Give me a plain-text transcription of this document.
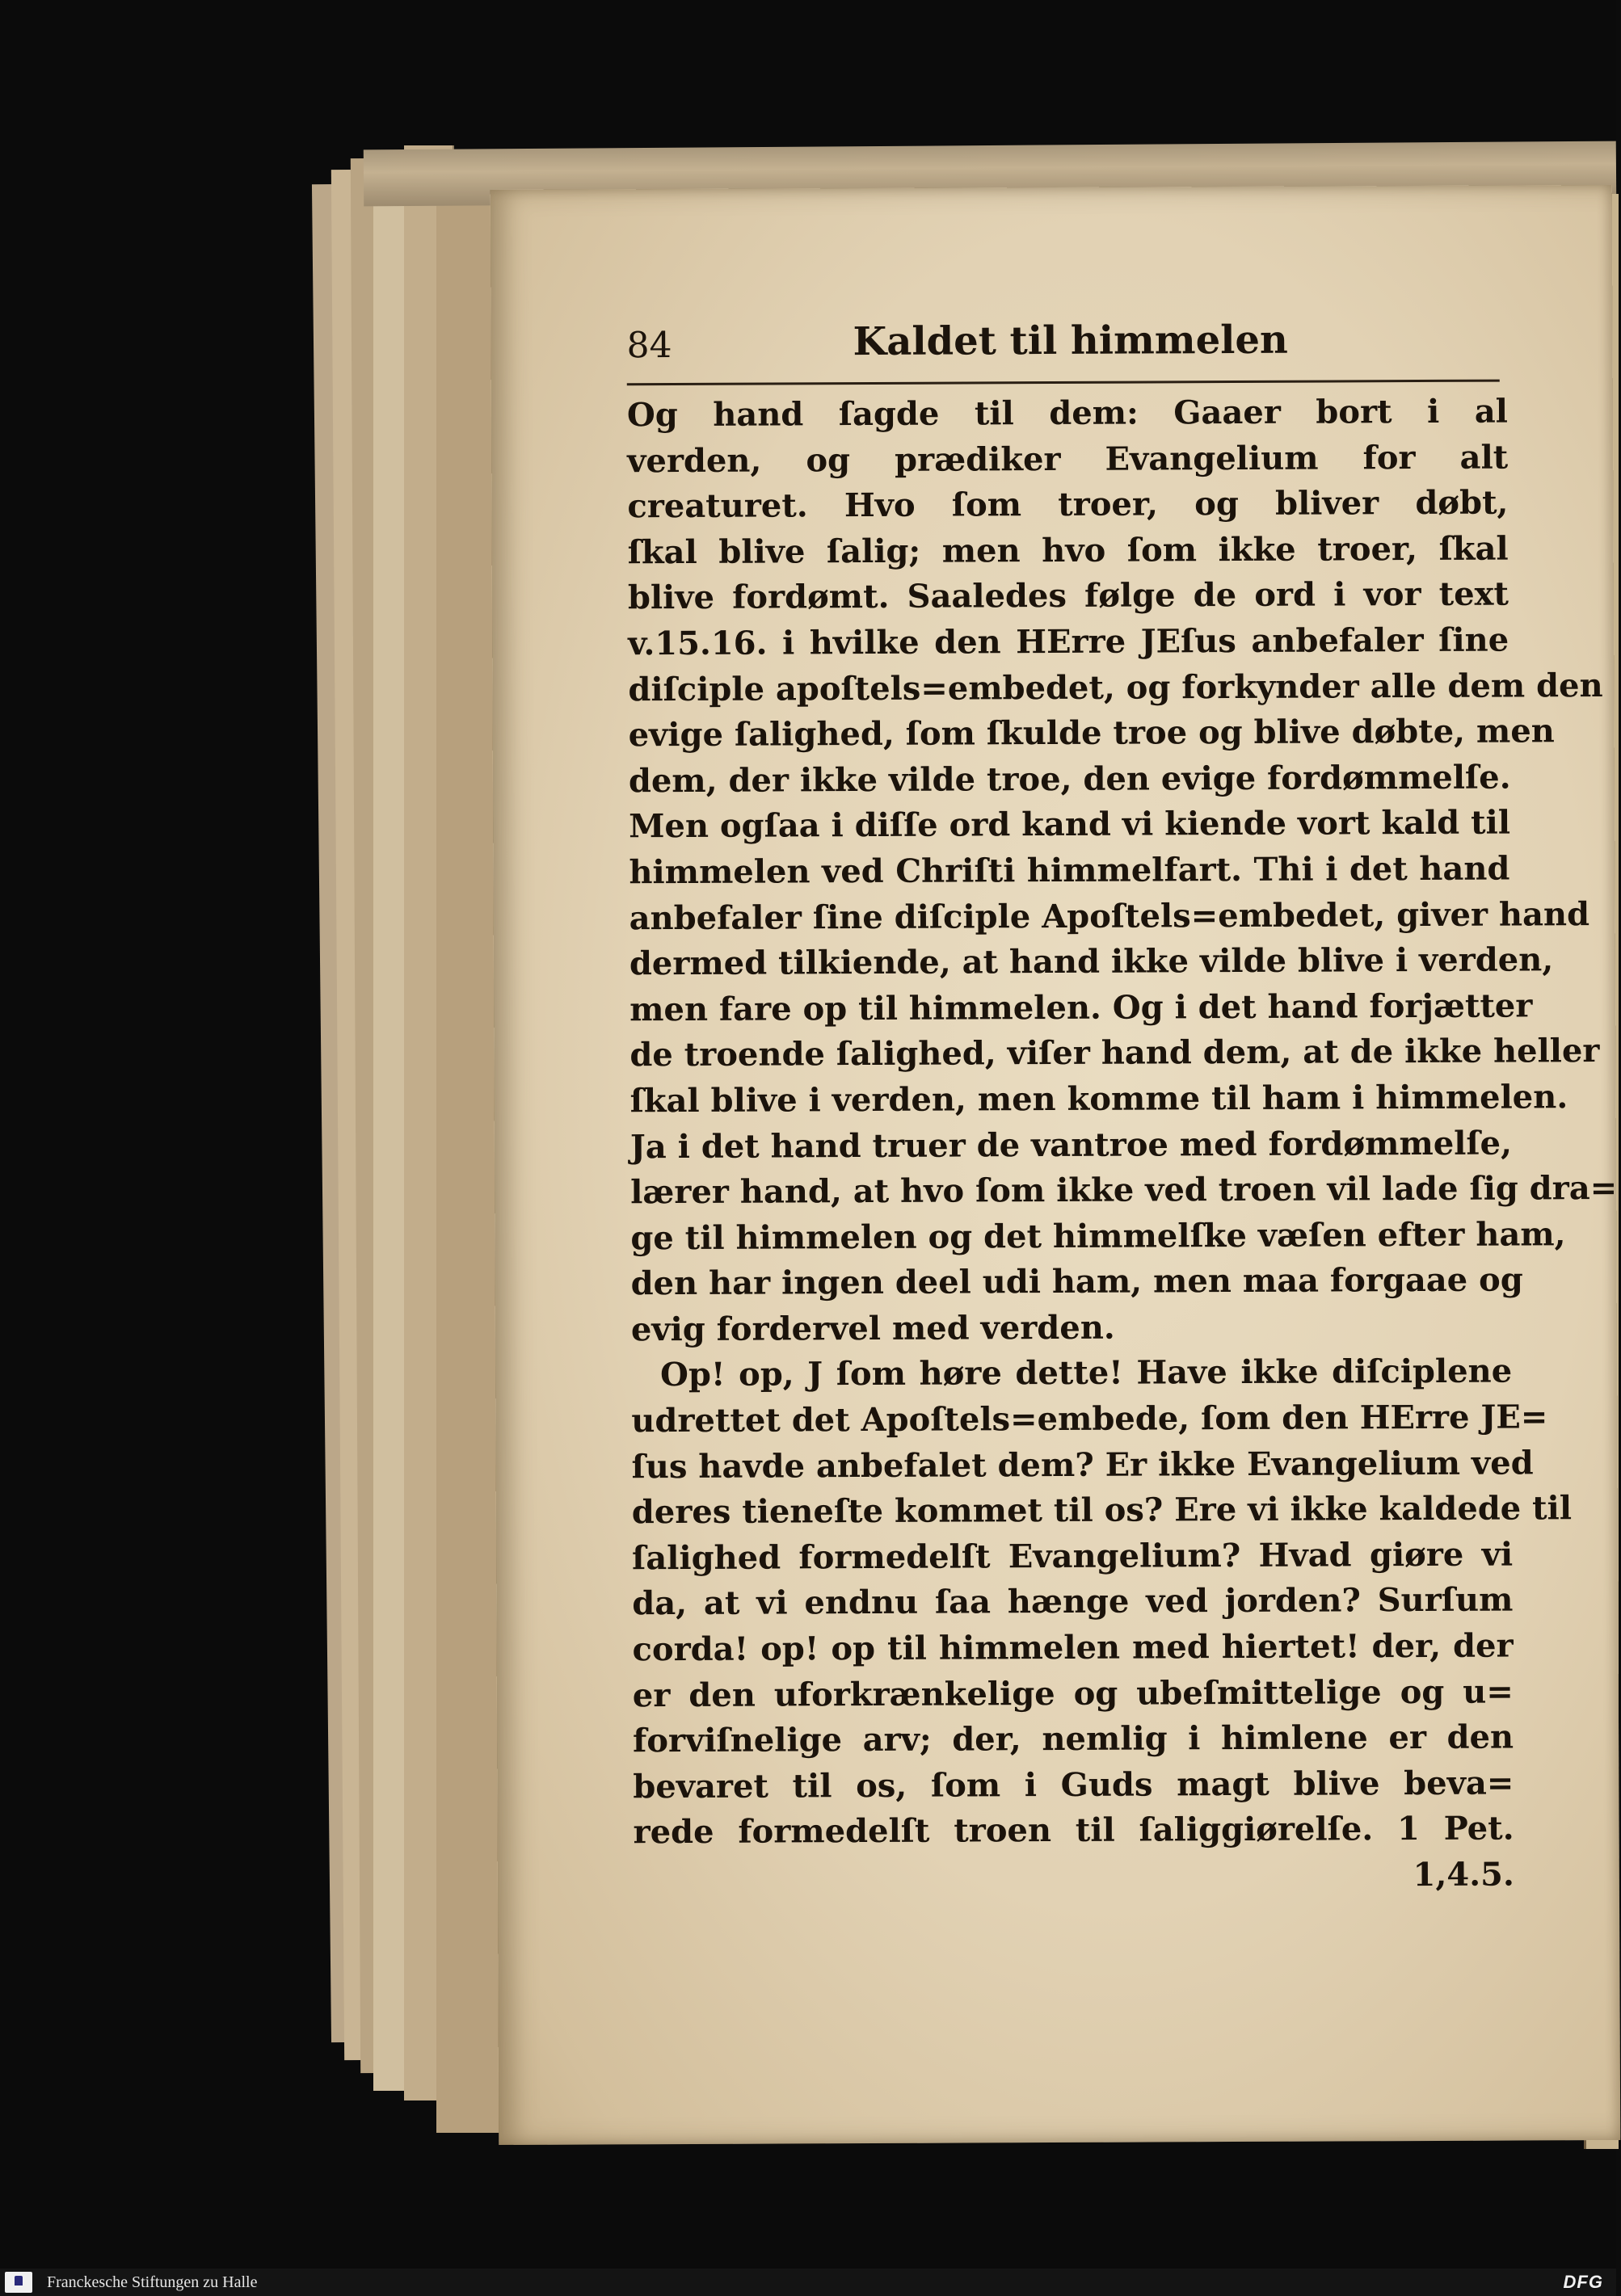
84	Kaldet til himmelen
Og hand ſagde til dem: Gaaer bort i al
verden, og prædiker Evangelium for alt
creaturet. Hvo ſom troer, og bliver døbt,
ſkal blive ſalig; men hvo ſom ikke troer, ſkal
blive fordømt. Saaledes følge de ord i vor text
v.15.16. i hvilke den HErre JEſus anbefaler ſine
diſciple apoſtels=embedet, og forkynder alle dem den
evige ſalighed, ſom ſkulde troe og blive døbte, men
dem, der ikke vilde troe, den evige fordømmelſe.
Men ogſaa i diſſe ord kand vi kiende vort kald til
himmelen ved Chriſti himmelfart. Thi i det hand
anbefaler ſine diſciple Apoſtels=embedet, giver hand
dermed tilkiende, at hand ikke vilde blive i verden,
men fare op til himmelen. Og i det hand forjætter
de troende ſalighed, viſer hand dem, at de ikke heller
ſkal blive i verden, men komme til ham i himmelen.
Ja i det hand truer de vantroe med fordømmelſe,
lærer hand, at hvo ſom ikke ved troen vil lade ſig dra=
ge til himmelen og det himmelſke væſen efter ham,
den har ingen deel udi ham, men maa forgaae og
evig fordervel med verden.
Op! op, J ſom høre dette! Have ikke diſciplene
udrettet det Apoſtels=embede, ſom den HErre JE=
ſus havde anbefalet dem? Er ikke Evangelium ved
deres tieneſte kommet til os? Ere vi ikke kaldede til
ſalighed formedelſt Evangelium? Hvad giøre vi
da, at vi endnu ſaa hænge ved jorden? Surſum
corda! op! op til himmelen med hiertet! der, der
er den uforkrænkelige og ubeſmittelige og u=
forviſnelige arv; der, nemlig i himlene er den
bevaret til os, ſom i Guds magt blive beva=
rede formedelſt troen til ſaliggiørelſe. 1 Pet.
1,4.5.
Franckesche Stiftungen zu Halle	DFG
